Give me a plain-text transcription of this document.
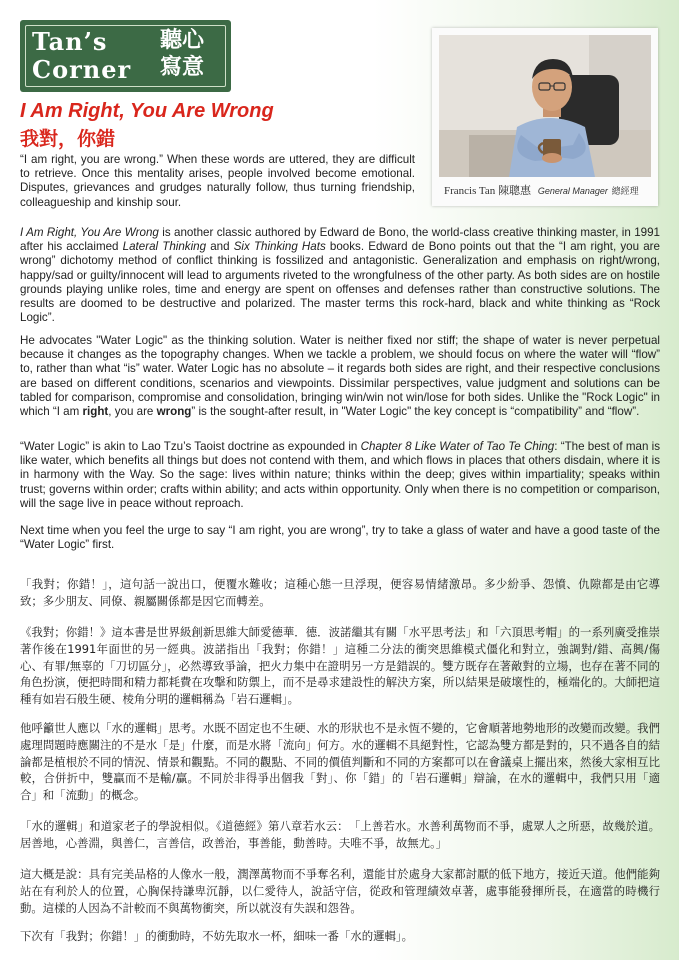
Tan’s
Corner
聽心
寫意
I Am Right, You Are Wrong
我對，你錯
Francis Tan 陳聰惠 General Manager 總經理

“I am right, you are wrong.” When these words are uttered, they are difficult to retrieve. Once this mentality arises, people involved become emotional. Disputes, grievances and grudges naturally follow, thus turning friendship, colleagueship and kinship sour.

I Am Right, You Are Wrong is another classic authored by Edward de Bono, the world-class creative thinking master, in 1991 after his acclaimed Lateral Thinking and Six Thinking Hats books. Edward de Bono points out that the “I am right, you are wrong” dichotomy method of conflict thinking is fossilized and antagonistic. Generalization and emphasis on right/wrong, happy/sad or guilty/innocent will lead to arguments riveted to the wrongfulness of the other party. As both sides are on hostile grounds playing unlike roles, time and energy are spent on offenses and defenses rather than constructive solutions. The results are doomed to be destructive and polarized. The master terms this rock-hard, black and white thinking as “Rock Logic”.

He advocates "Water Logic" as the thinking solution. Water is neither fixed nor stiff; the shape of water is never perpetual because it changes as the topography changes. When we tackle a problem, we should focus on where the water will “flow” to, rather than what “is” water. Water Logic has no absolute – it regards both sides are right, and their respective conclusions are based on different conditions, scenarios and viewpoints. Dissimilar perspectives, value judgment and solutions can be tabled for comparison, compromise and consolidation, bringing win/win not win/lose for both sides. Unlike the "Rock Logic" in which “I am right, you are wrong” is the sought-after result, in "Water Logic" the key concept is “compatibility” and “flow”.

“Water Logic” is akin to Lao Tzu’s Taoist doctrine as expounded in Chapter 8 Like Water of Tao Te Ching: “The best of man is like water, which benefits all things but does not contend with them, and which flows in places that others disdain, where it is in harmony with the Way. So the sage: lives within nature; thinks within the deep; gives within impartiality; speaks within trust; governs within order; crafts within ability; and acts within opportunity. Only when there is no competition or comparison, will the sage live in peace without reproach.

Next time when you feel the urge to say “I am right, you are wrong”, try to take a glass of water and have a good taste of the “Water Logic” first.

「我對；你錯！」，這句話一說出口，便覆水難收；這種心態一旦浮現，便容易情緒激昂。多少紛爭、怨憤、仇隙都是由它導致；多少朋友、同僚、親屬關係都是因它而轉差。

《我對；你錯！》這本書是世界級創新思維大師愛德華．德．波諾繼其有關「水平思考法」和「六頂思考帽」的一系列廣受推崇著作後在1991年面世的另一經典。波諾指出「我對；你錯！」這種二分法的衝突思維模式僵化和對立，強調對/錯、高興/傷心、有罪/無辜的「刀切區分」，必然導致爭論，把火力集中在證明另一方是錯誤的。雙方既存在著敵對的立場，也存在著不同的角色扮演，便把時間和精力都耗費在攻擊和防禦上，而不是尋求建設性的解決方案，所以結果是破壞性的，極端化的。大師把這種有如岩石般生硬、棱角分明的邏輯稱為「岩石邏輯」。

他呼籲世人應以「水的邏輯」思考。水既不固定也不生硬、水的形狀也不是永恆不變的，它會順著地勢地形的改變而改變。我們處理問題時應關注的不是水「是」什麼，而是水將「流向」何方。水的邏輯不具絕對性，它認為雙方都是對的，只不過各自的結論都是植根於不同的情況、情景和觀點。不同的觀點、不同的價值判斷和不同的方案都可以在會議桌上擺出來，然後大家相互比較，合併折中，雙贏而不是輸/贏。不同於非得爭出個我「對」、你「錯」的「岩石邏輯」辯論，在水的邏輯中，我們只用「適合」和「流動」的概念。

「水的邏輯」和道家老子的學說相似。《道德經》第八章若水云：　「上善若水。水善利萬物而不爭，處眾人之所惡，故幾於道。居善地，心善淵，與善仁，言善信，政善治，事善能，動善時。夫唯不爭，故無尤。」

這大概是說：具有完美品格的人像水一般，潤澤萬物而不爭奪名利，還能甘於處身大家都討厭的低下地方，接近天道。他們能夠站在有利於人的位置，心胸保持謙卑沉靜，以仁愛待人，說話守信，從政和管理績效卓著，處事能發揮所長，在適當的時機行動。這樣的人因為不計較而不與萬物衝突，所以就沒有失誤和怨咎。

下次有「我對；你錯！」的衝動時，不妨先取水一杯，細味一番「水的邏輯」。
